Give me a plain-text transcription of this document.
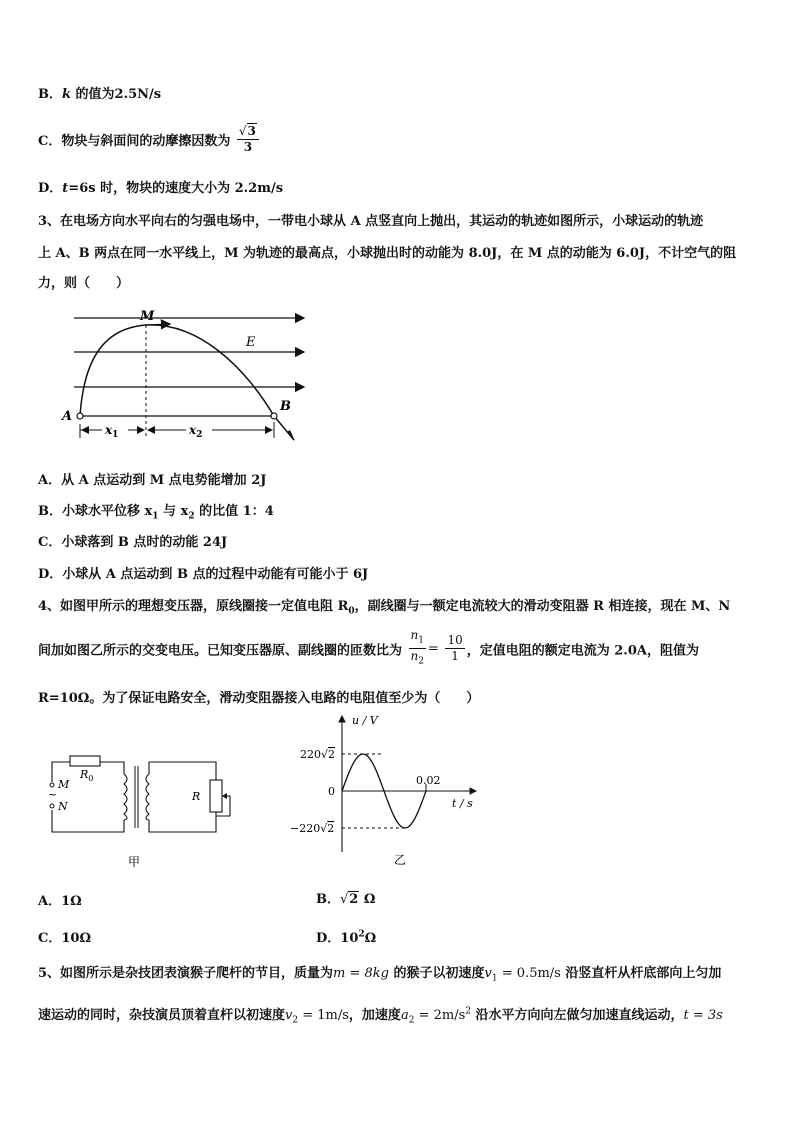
B．k 的值为2.5N/s
C．物块与斜面间的动摩擦因数为 $\frac{√3}{3}$
D．t=6s 时，物块的速度大小为 2.2m/s
3、在电场方向水平向右的匀强电场中，一带电小球从 A 点竖直向上抛出，其运动的轨迹如图所示，小球运动的轨迹
上 A、B 两点在同一水平线上，M 为轨迹的最高点，小球抛出时的动能为 8.0J，在 M 点的动能为 6.0J，不计空气的阻
力，则（　　）
M
E
A
B
$x_1$	$x_2$
A．从 A 点运动到 M 点电势能增加 2J
B．小球水平位移 $x_1$ 与 $x_2$ 的比值 1：4
C．小球落到 B 点时的动能 24J
D．小球从 A 点运动到 B 点的过程中动能有可能小于 6J
4、如图甲所示的理想变压器，原线圈接一定值电阻 $R_0$，副线圈与一额定电流较大的滑动变阻器 R 相连接，现在 M、N
间加如图乙所示的交变电压。已知变压器原、副线圈的匝数比为 $\frac{n_1}{n_2} = \frac{10}{1}$ ，定值电阻的额定电流为 2.0A，阻值为
R=10Ω。为了保证电路安全，滑动变阻器接入电路的电阻值至少为（　　）
M
~
N
$R_0$
R
甲
u / V
220√2
0
−220√2
0.02
t / s
乙
A．1Ω	B．√2 Ω
C．10Ω	D．$10^2\Omega$
5、如图所示是杂技团表演猴子爬杆的节目，质量为m = 8kg 的猴子以初速度$v_1 = 0.5m/s$ 沿竖直杆从杆底部向上匀加
速运动的同时，杂技演员顶着直杆以初速度$v_2 = 1m/s$，加速度$a_2 = 2m/s^2$ 沿水平方向向左做匀加速直线运动，t = 3s
